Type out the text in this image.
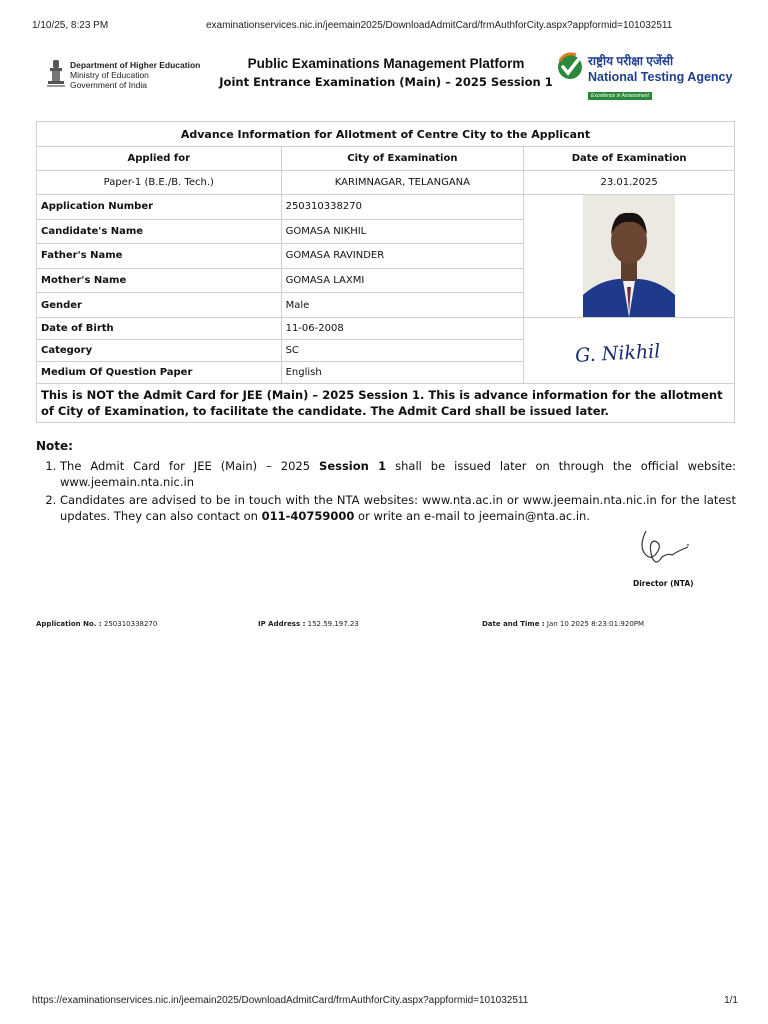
1/10/25, 8:23 PM	examinationservices.nic.in/jeemain2025/DownloadAdmitCard/frmAuthforCity.aspx?appformid=101032511
Department of Higher Education
Ministry of Education
Government of India
Public Examinations Management Platform
Joint Entrance Examination (Main) – 2025 Session 1
राष्ट्रीय परीक्षा एजेंसी
National Testing Agency
Excellence in Assessment
Advance Information for Allotment of Centre City to the Applicant		
Applied for	City of Examination	Date of Examination
Paper-1 (B.E./B. Tech.)	KARIMNAGAR, TELANGANA	23.01.2025
Application Number	250310338270	
Candidate's Name	GOMASA NIKHIL	
Father's Name	GOMASA RAVINDER	
Mother's Name	GOMASA LAXMI	
Gender	Male	
Date of Birth	11-06-2008	G. Nikhil

Category	SC	
Medium Of Question Paper	English	
This is NOT the Admit Card for JEE (Main) – 2025 Session 1. This is advance information for the allotment of City of Examination, to facilitate the candidate. The Admit Card shall be issued later.		
Note:
1. The Admit Card for JEE (Main) – 2025 Session 1 shall be issued later on through the official website: www.jeemain.nta.nic.in
2. Candidates are advised to be in touch with the NTA websites: www.nta.ac.in or www.jeemain.nta.nic.in for the latest updates. They can also contact on 011-40759000 or write an e-mail to jeemain@nta.ac.in.
Director (NTA)
Application No. : 250310338270	IP Address : 152.59.197.23	Date and Time : Jan 10 2025 8:23:01:920PM
https://examinationservices.nic.in/jeemain2025/DownloadAdmitCard/frmAuthforCity.aspx?appformid=101032511	1/1
